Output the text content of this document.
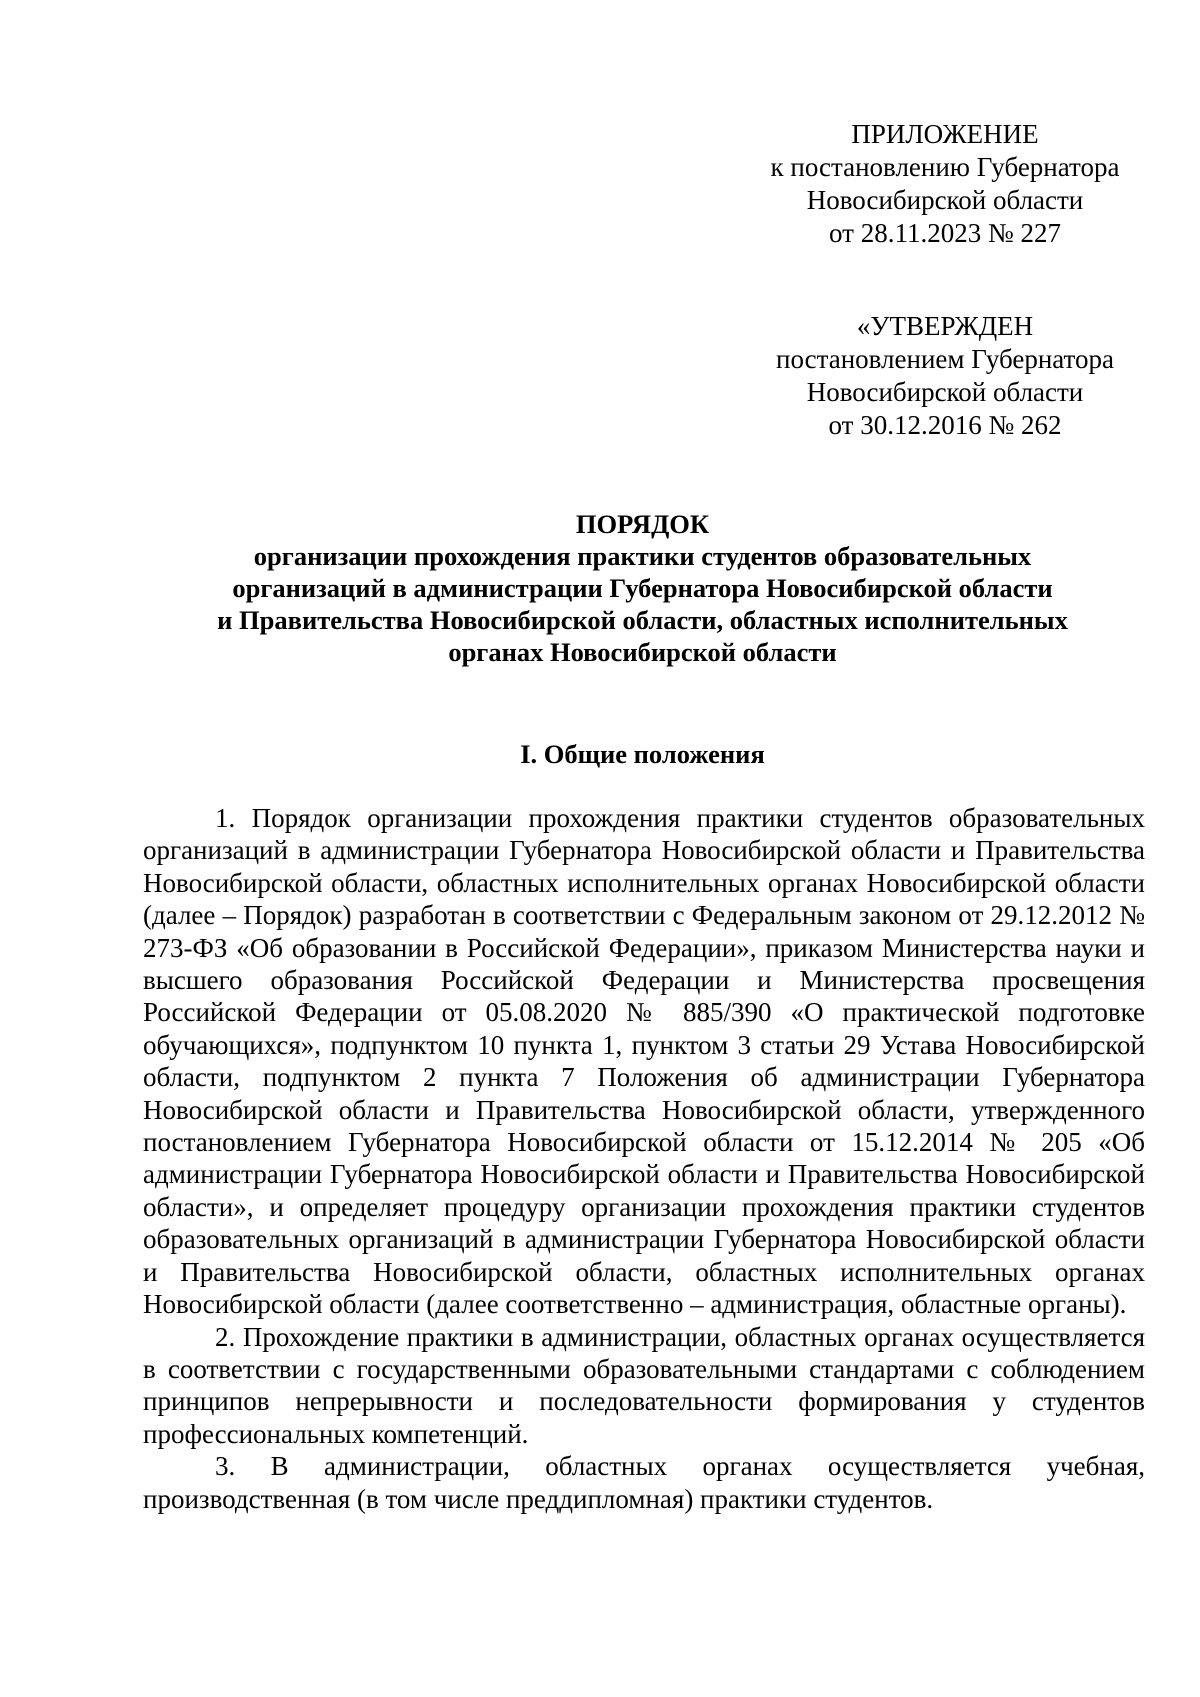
ПРИЛОЖЕНИЕ
к постановлению Губернатора
Новосибирской области
от 28.11.2023 № 227
«УТВЕРЖДЕН
постановлением Губернатора
Новосибирской области
от 30.12.2016 № 262
ПОРЯДОК
организации прохождения практики студентов образовательных
организаций в администрации Губернатора Новосибирской области
и Правительства Новосибирской области, областных исполнительных
органах Новосибирской области
I. Общие положения

1. Порядок организации прохождения практики студентов образовательных организаций в администрации Губернатора Новосибирской области и Правительства Новосибирской области, областных исполнительных органах Новосибирской области (далее – Порядок) разработан в соответствии с Федеральным законом от 29.12.2012 № 273-ФЗ «Об образовании в Российской Федерации», приказом Министерства науки и высшего образования Российской Федерации и Министерства просвещения Российской Федерации от 05.08.2020 № 885/390 «О практической подготовке обучающихся», подпунктом 10 пункта 1, пунктом 3 статьи 29 Устава Новосибирской области, подпунктом 2 пункта 7 Положения об администрации Губернатора Новосибирской области и Правительства Новосибирской области, утвержденного постановлением Губернатора Новосибирской области от 15.12.2014 № 205 «Об администрации Губернатора Новосибирской области и Правительства Новосибирской области», и определяет процедуру организации прохождения практики студентов образовательных организаций в администрации Губернатора Новосибирской области и Правительства Новосибирской области, областных исполнительных органах Новосибирской области (далее соответственно – администрация, областные органы).

2. Прохождение практики в администрации, областных органах осуществляется в соответствии с государственными образовательными стандартами с соблюдением принципов непрерывности и последовательности формирования у студентов профессиональных компетенций.

3. В администрации, областных органах осуществляется учебная, производственная (в том числе преддипломная) практики студентов.
